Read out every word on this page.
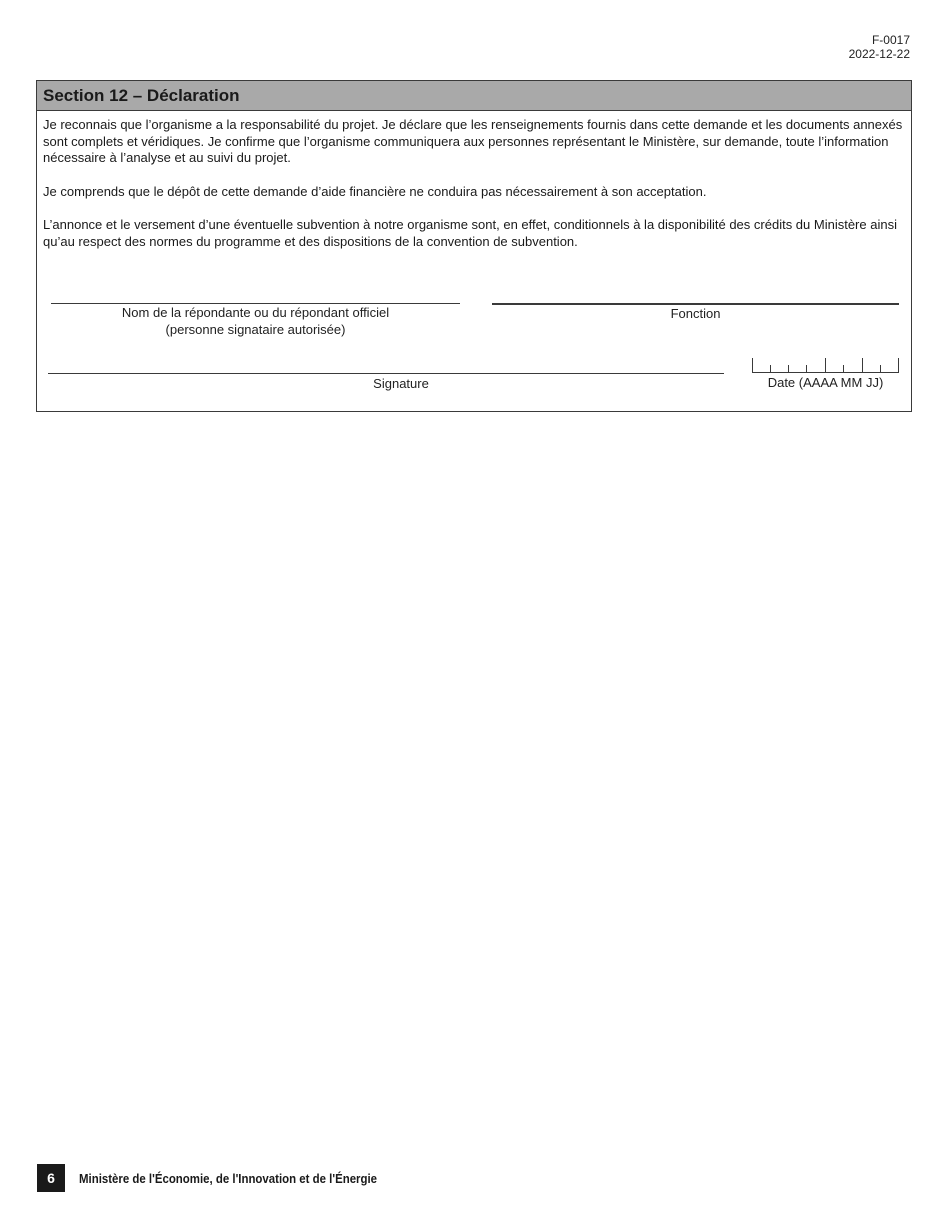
F-0017
2022-12-22
Section 12 – Déclaration

Je reconnais que l’organisme a la responsabilité du projet. Je déclare que les renseignements fournis dans cette demande et les documents annexés sont complets et véridiques. Je confirme que l’organisme communiquera aux personnes représentant le Ministère, sur demande, toute l’information nécessaire à l’analyse et au suivi du projet.

Je comprends que le dépôt de cette demande d’aide financière ne conduira pas nécessairement à son acceptation.

L’annonce et le versement d’une éventuelle subvention à notre organisme sont, en effet, conditionnels à la disponibilité des crédits du Ministère ainsi qu’au respect des normes du programme et des dispositions de la convention de subvention.

Nom de la répondante ou du répondant officiel
(personne signataire autorisée)
Fonction
Signature	Date (AAAA MM JJ)
6	Ministère de l'Économie, de l'Innovation et de l'Énergie
